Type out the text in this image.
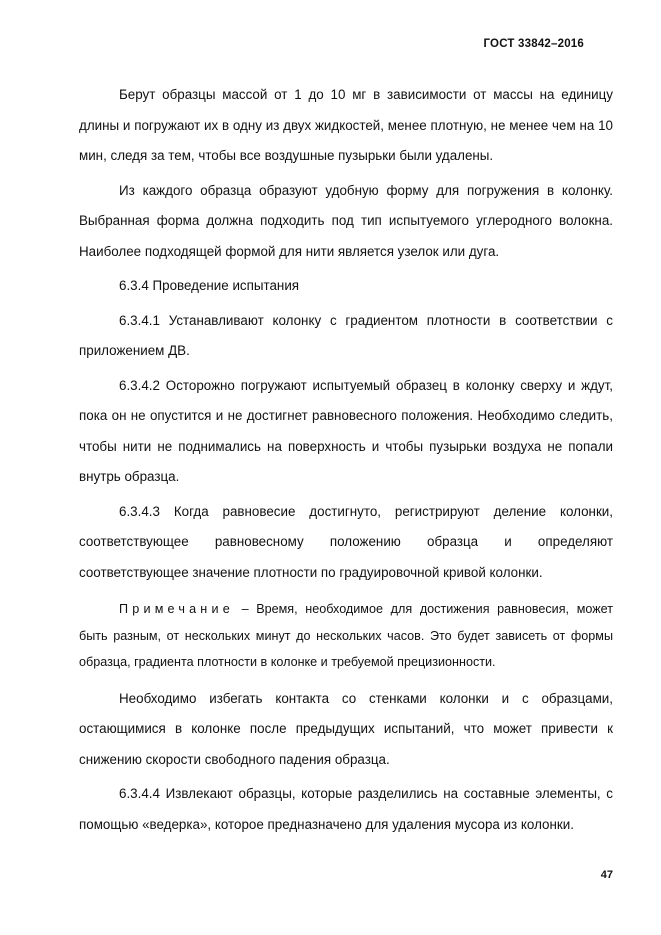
ГОСТ 33842–2016

Берут образцы массой от 1 до 10 мг в зависимости от массы на единицу длины и погружают их в одну из двух жидкостей, менее плотную, не менее чем на 10 мин, следя за тем, чтобы все воздушные пузырьки были удалены.

Из каждого образца образуют удобную форму для погружения в колонку. Выбранная форма должна подходить под тип испытуемого углеродного волокна. Наиболее подходящей формой для нити является узелок или дуга.

6.3.4 Проведение испытания

6.3.4.1 Устанавливают колонку с градиентом плотности в соответствии с приложением ДВ.

6.3.4.2 Осторожно погружают испытуемый образец в колонку сверху и ждут, пока он не опустится и не достигнет равновесного положения. Необходимо следить, чтобы нити не поднимались на поверхность и чтобы пузырьки воздуха не попали внутрь образца.

6.3.4.3 Когда равновесие достигнуто, регистрируют деление колонки, соответствующее равновесному положению образца и определяют соответствующее значение плотности по градуировочной кривой колонки.

Примечание – Время, необходимое для достижения равновесия, может быть разным, от нескольких минут до нескольких часов. Это будет зависеть от формы образца, градиента плотности в колонке и требуемой прецизионности.

Необходимо избегать контакта со стенками колонки и с образцами, остающимися в колонке после предыдущих испытаний, что может привести к снижению скорости свободного падения образца.

6.3.4.4 Извлекают образцы, которые разделились на составные элементы, с помощью «ведерка», которое предназначено для удаления мусора из колонки.

47
